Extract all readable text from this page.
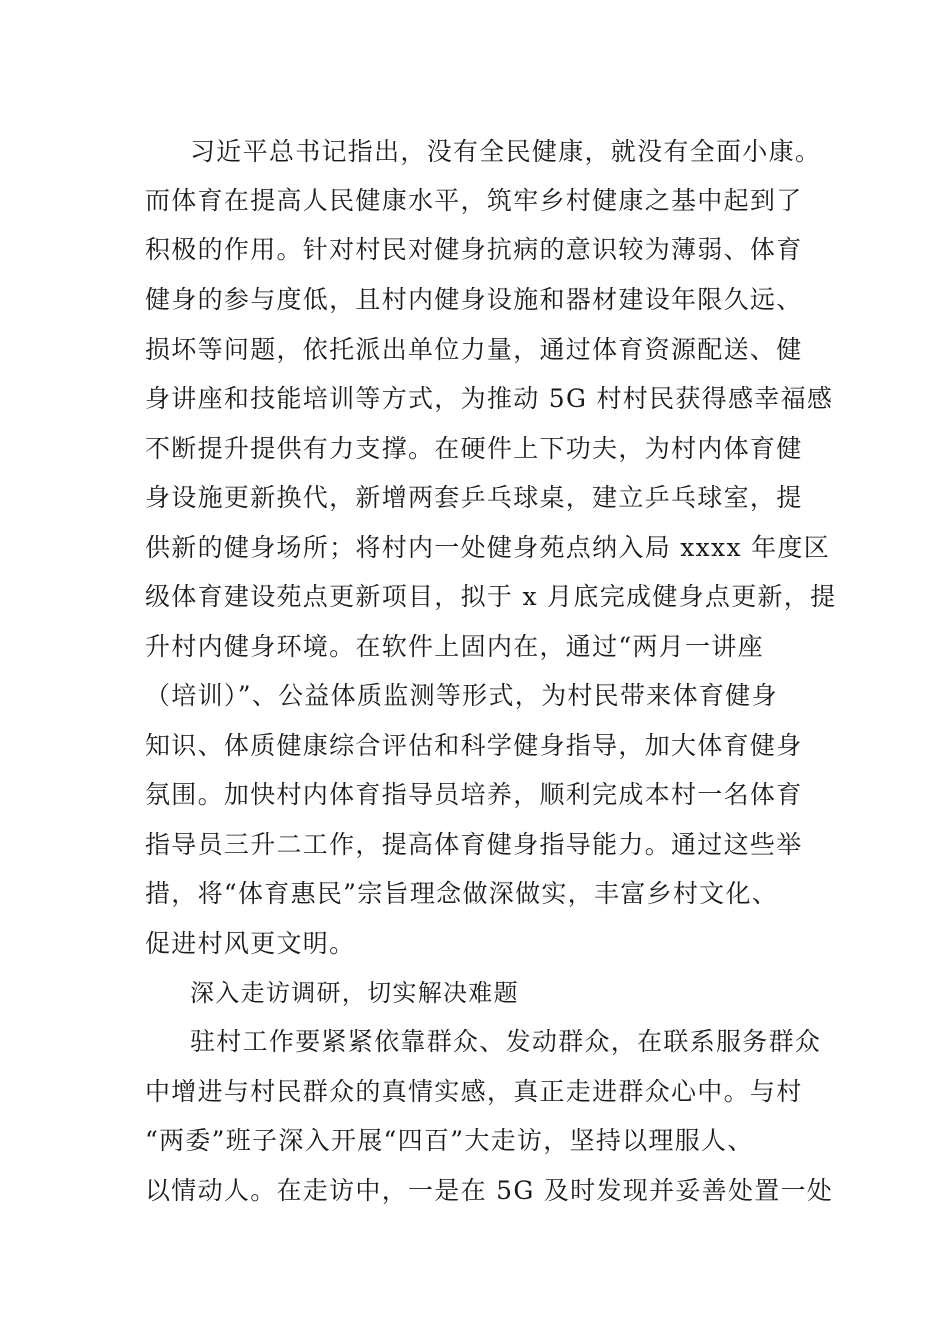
习近平总书记指出，没有全民健康，就没有全面小康。
而体育在提高人民健康水平，筑牢乡村健康之基中起到了
积极的作用。针对村民对健身抗病的意识较为薄弱、体育
健身的参与度低，且村内健身设施和器材建设年限久远、
损坏等问题，依托派出单位力量，通过体育资源配送、健
身讲座和技能培训等方式，为推动 5G 村村民获得感幸福感
不断提升提供有力支撑。在硬件上下功夫，为村内体育健
身设施更新换代，新增两套乒乓球桌，建立乒乓球室，提
供新的健身场所；将村内一处健身苑点纳入局 xxxx 年度区
级体育建设苑点更新项目，拟于 x 月底完成健身点更新，提
升村内健身环境。在软件上固内在，通过“两月一讲座
（培训）”、公益体质监测等形式，为村民带来体育健身
知识、体质健康综合评估和科学健身指导，加大体育健身
氛围。加快村内体育指导员培养，顺利完成本村一名体育
指导员三升二工作，提高体育健身指导能力。通过这些举
措，将“体育惠民”宗旨理念做深做实，丰富乡村文化、
促进村风更文明。
深入走访调研，切实解决难题
驻村工作要紧紧依靠群众、发动群众，在联系服务群众
中增进与村民群众的真情实感，真正走进群众心中。与村
“两委”班子深入开展“四百”大走访，坚持以理服人、
以情动人。在走访中，一是在 5G 及时发现并妥善处置一处
